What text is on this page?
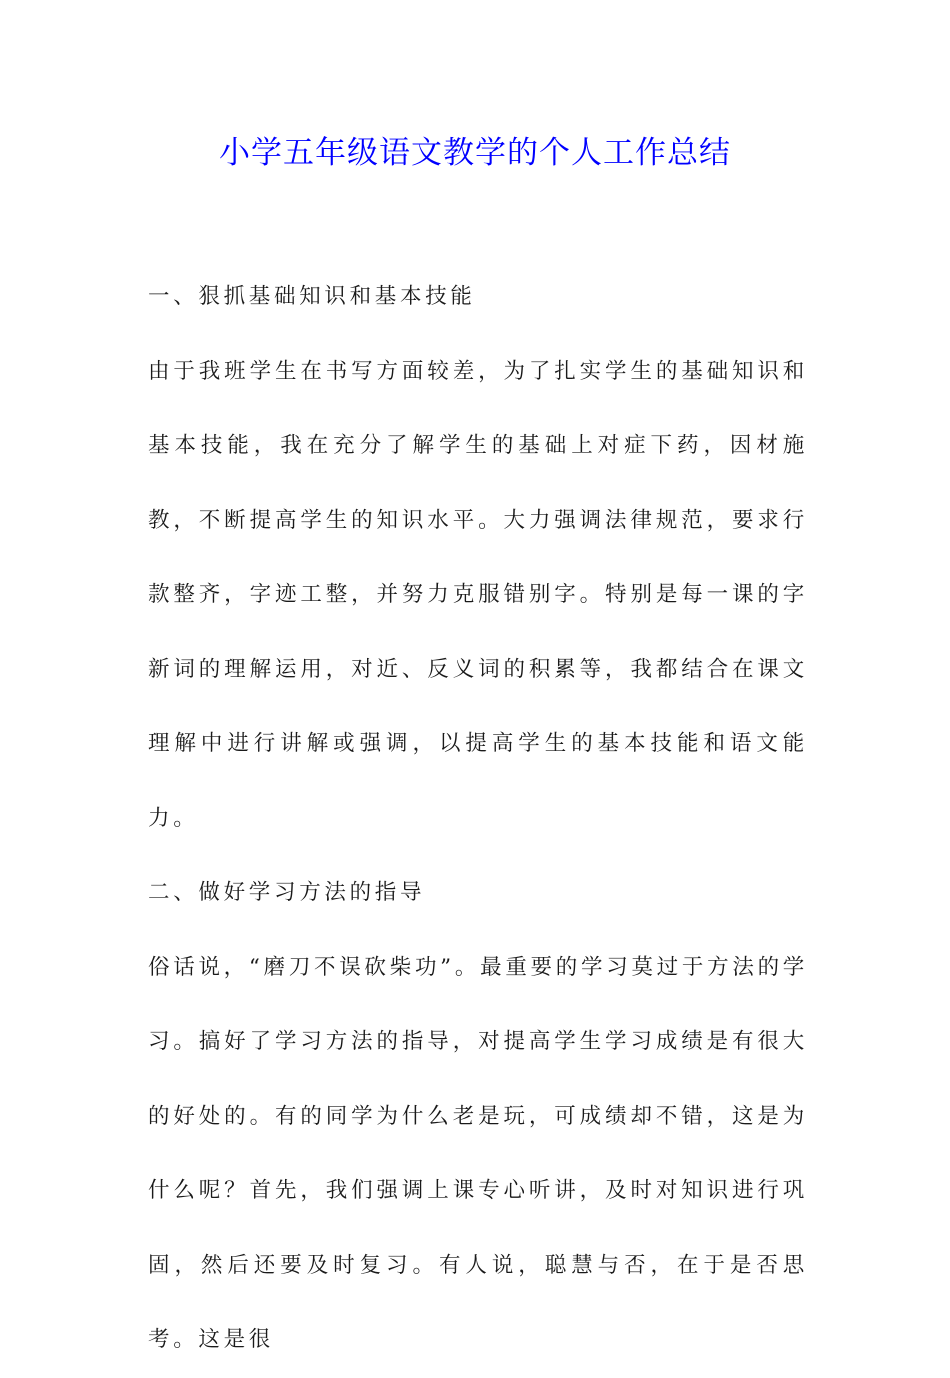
小学五年级语文教学的个人工作总结

一、狠抓基础知识和基本技能

由于我班学生在书写方面较差，为了扎实学生的基础知识和基本技能，我在充分了解学生的基础上对症下药，因材施教，不断提高学生的知识水平。大力强调法律规范，要求行款整齐，字迹工整，并努力克服错别字。特别是每一课的字新词的理解运用，对近、反义词的积累等，我都结合在课文理解中进行讲解或强调，以提高学生的基本技能和语文能力。

二、做好学习方法的指导

俗话说，“磨刀不误砍柴功”。最重要的学习莫过于方法的学习。搞好了学习方法的指导，对提高学生学习成绩是有很大的好处的。有的同学为什么老是玩，可成绩却不错，这是为什么呢？首先，我们强调上课专心听讲，及时对知识进行巩固，然后还要及时复习。有人说，聪慧与否，在于是否思考。这是很
